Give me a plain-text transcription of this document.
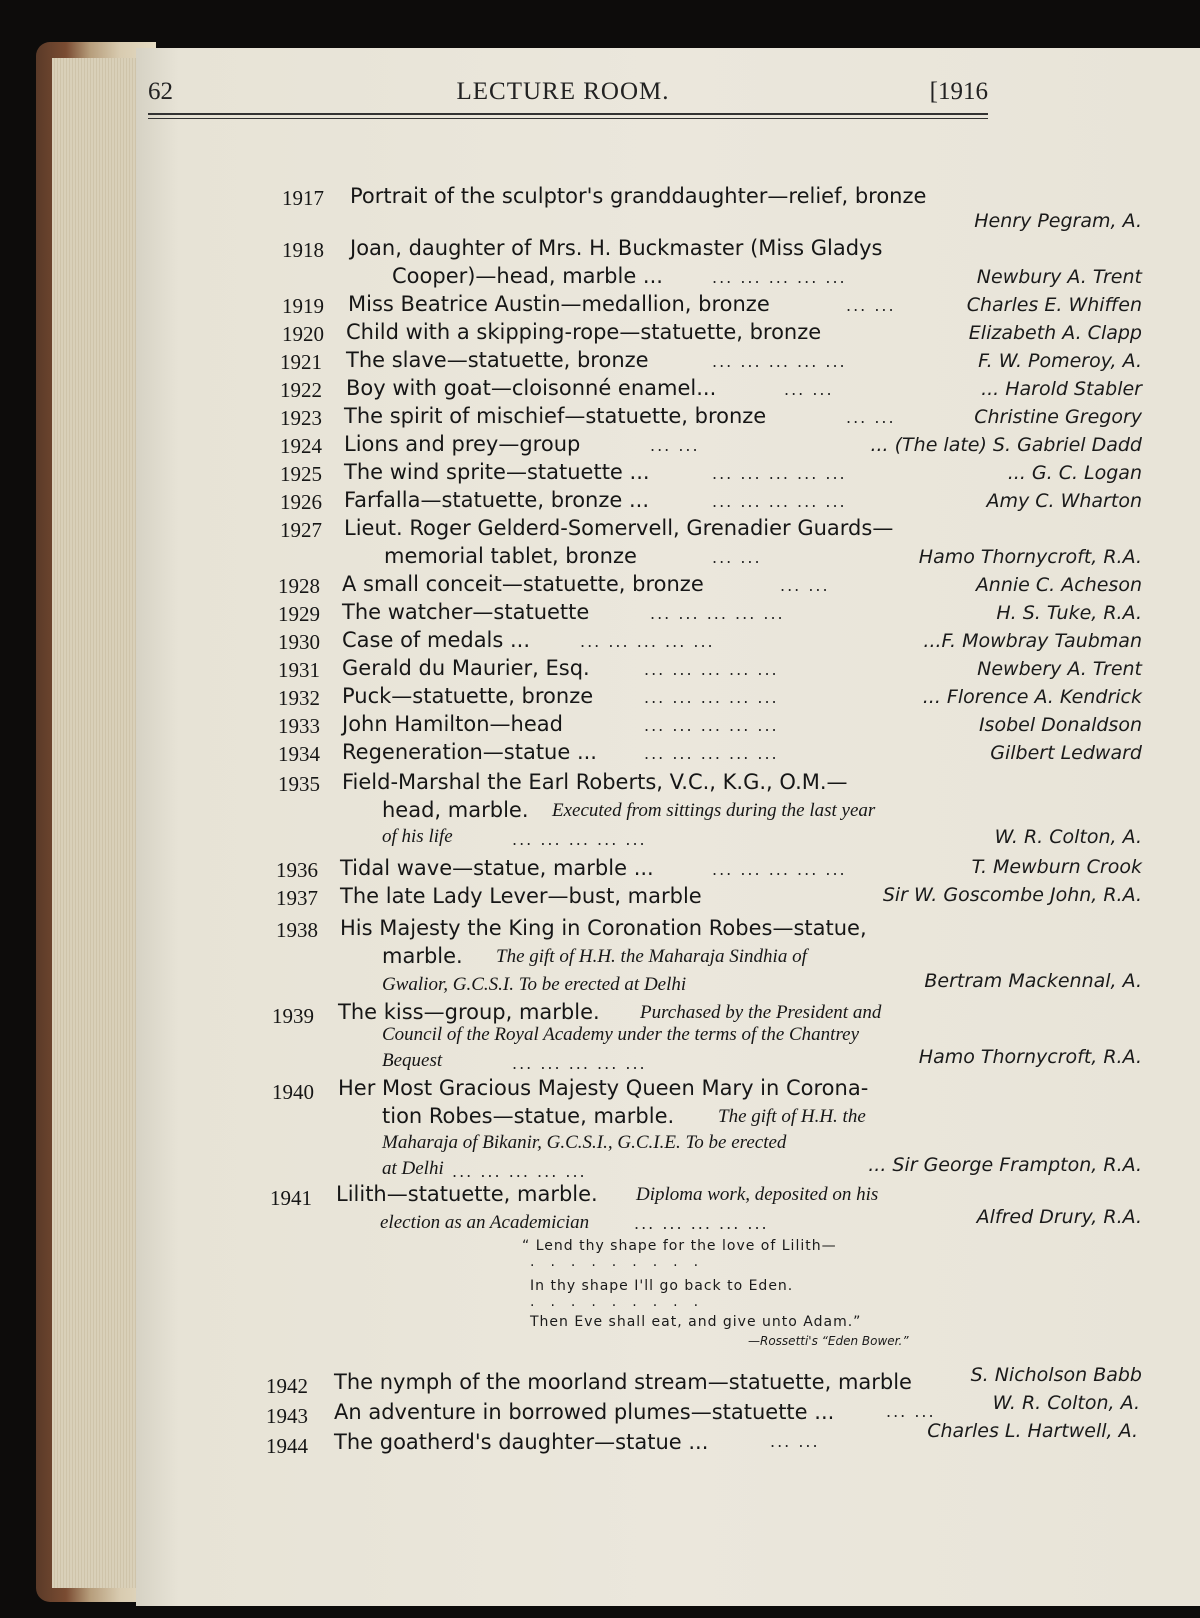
62	LECTURE ROOM.	[1916
1917 Portrait of the sculptor's granddaughter—relief, bronze
Henry Pegram, A.
1918 Joan, daughter of Mrs. H. Buckmaster (Miss Gladys
Cooper)—head, marble ...	... ... ... ... ...	Newbury A. Trent
1919 Miss Beatrice Austin—medallion, bronze	... ...	Charles E. Whiffen
1920 Child with a skipping-rope—statuette, bronze	Elizabeth A. Clapp
1921 The slave—statuette, bronze	... ... ... ... ...	F. W. Pomeroy, A.
1922 Boy with goat—cloisonné enamel...	... ...	... Harold Stabler
1923 The spirit of mischief—statuette, bronze	... ...	Christine Gregory
1924 Lions and prey—group	... ...	... (The late) S. Gabriel Dadd
1925 The wind sprite—statuette ...	... ... ... ... ...	... G. C. Logan
1926 Farfalla—statuette, bronze ...	... ... ... ... ...	Amy C. Wharton
1927 Lieut. Roger Gelderd-Somervell, Grenadier Guards—
memorial tablet, bronze	... ...	Hamo Thornycroft, R.A.
1928 A small conceit—statuette, bronze	... ...	Annie C. Acheson
1929 The watcher—statuette	... ... ... ... ...	H. S. Tuke, R.A.
1930 Case of medals ...	... ... ... ... ...	...F. Mowbray Taubman
1931 Gerald du Maurier, Esq.	... ... ... ... ...	Newbery A. Trent
1932 Puck—statuette, bronze	... ... ... ... ...	... Florence A. Kendrick
1933 John Hamilton—head	... ... ... ... ...	Isobel Donaldson
1934 Regeneration—statue ...	... ... ... ... ...	Gilbert Ledward
1935 Field-Marshal the Earl Roberts, V.C., K.G., O.M.—
head, marble. Executed from sittings during the last year
of his life	... ... ... ... ...	W. R. Colton, A.
1936 Tidal wave—statue, marble ...	... ... ... ... ...	T. Mewburn Crook
1937 The late Lady Lever—bust, marble	Sir W. Goscombe John, R.A.
1938 His Majesty the King in Coronation Robes—statue,
marble. The gift of H.H. the Maharaja Sindhia of
Gwalior, G.C.S.I. To be erected at Delhi	Bertram Mackennal, A.
1939 The kiss—group, marble. Purchased by the President and
Council of the Royal Academy under the terms of the Chantrey
Bequest	... ... ... ... ...	Hamo Thornycroft, R.A.
1940 Her Most Gracious Majesty Queen Mary in Corona-
tion Robes—statue, marble. The gift of H.H. the
Maharaja of Bikanir, G.C.S.I., G.C.I.E. To be erected
at Delhi ... ... ... ... ...	... Sir George Frampton, R.A.
1941 Lilith—statuette, marble. Diploma work, deposited on his
election as an Academician	... ... ... ... ...	Alfred Drury, R.A.
“ Lend thy shape for the love of Lilith—
.........
In thy shape I'll go back to Eden.
.........
Then Eve shall eat, and give unto Adam.”
—Rossetti's “Eden Bower.”
1942 The nymph of the moorland stream—statuette, marble	S. Nicholson Babb
1943 An adventure in borrowed plumes—statuette ...	... ...	W. R. Colton, A.
1944 The goatherd's daughter—statue ...	... ...	Charles L. Hartwell, A.
